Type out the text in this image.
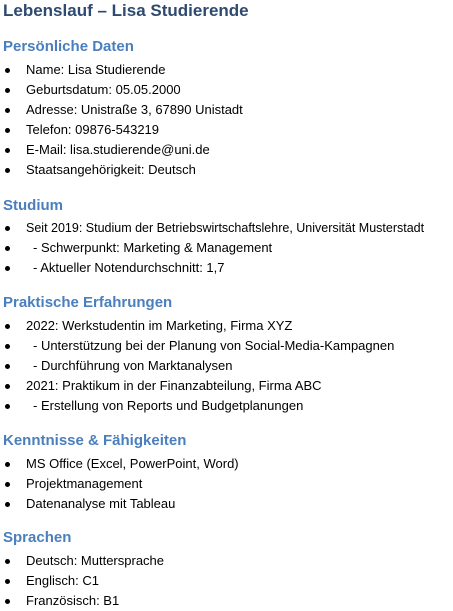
Lebenslauf – Lisa Studierende
Persönliche Daten
Name: Lisa Studierende
Geburtsdatum: 05.05.2000
Adresse: Unistraße 3, 67890 Unistadt
Telefon: 09876-543219
E-Mail: lisa.studierende@uni.de
Staatsangehörigkeit: Deutsch
Studium
Seit 2019: Studium der Betriebswirtschaftslehre, Universität Musterstadt
- Schwerpunkt: Marketing & Management
- Aktueller Notendurchschnitt: 1,7
Praktische Erfahrungen
2022: Werkstudentin im Marketing, Firma XYZ
- Unterstützung bei der Planung von Social-Media-Kampagnen
- Durchführung von Marktanalysen
2021: Praktikum in der Finanzabteilung, Firma ABC
- Erstellung von Reports und Budgetplanungen
Kenntnisse & Fähigkeiten
MS Office (Excel, PowerPoint, Word)
Projektmanagement
Datenanalyse mit Tableau
Sprachen
Deutsch: Muttersprache
Englisch: C1
Französisch: B1
